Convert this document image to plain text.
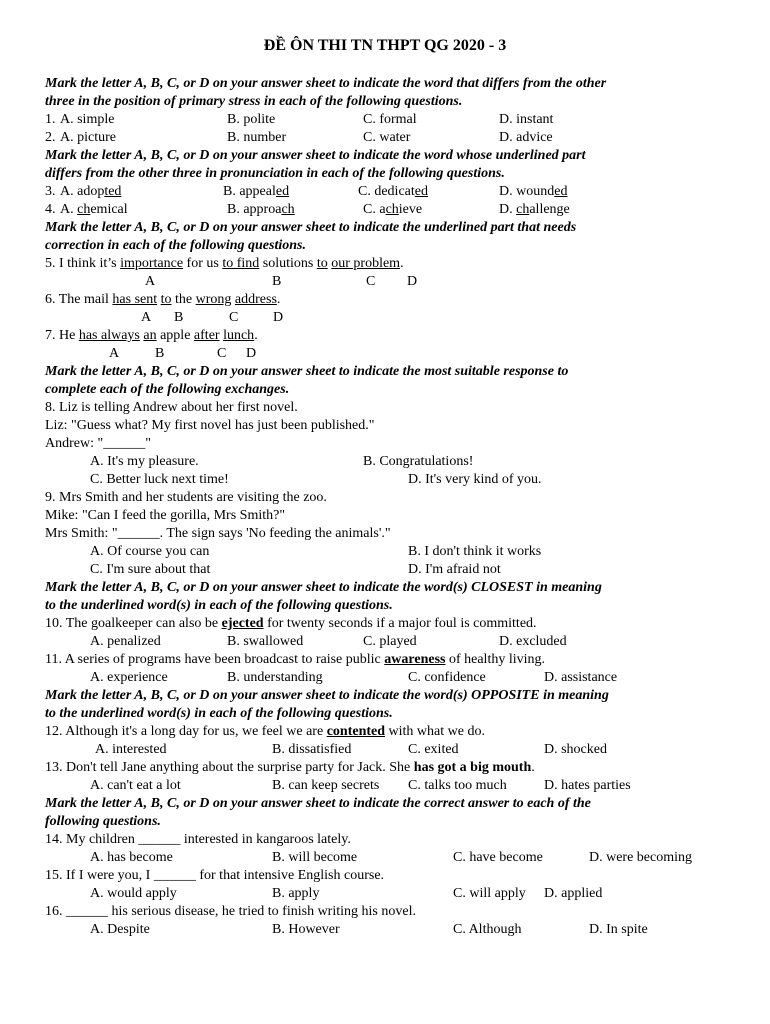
ĐỀ ÔN THI TN THPT QG 2020 - 3
Mark the letter A, B, C, or D on your answer sheet to indicate the word that differs from the other
three in the position of primary stress in each of the following questions.
1. A. simple	B. polite	C. formal	D. instant
2. A. picture	B. number	C. water	D. advice
Mark the letter A, B, C, or D on your answer sheet to indicate the word whose underlined part
differs from the other three in pronunciation in each of the following questions.
3. A. adopted	B. appealed	C. dedicated	D. wounded
4. A. chemical	B. approach	C. achieve	D. challenge
Mark the letter A, B, C, or D on your answer sheet to indicate the underlined part that needs
correction in each of the following questions.
5. I think it’s importance for us to find solutions to our problem.
A	B	C D
6. The mail has sent to the wrong address.
A B	C D
7. He has always an apple after lunch.
A	B	C D
Mark the letter A, B, C, or D on your answer sheet to indicate the most suitable response to
complete each of the following exchanges.
8. Liz is telling Andrew about her first novel.
Liz: "Guess what? My first novel has just been published."
Andrew: "______"
A. It's my pleasure.	B. Congratulations!
C. Better luck next time!	D. It's very kind of you.
9. Mrs Smith and her students are visiting the zoo.
Mike: "Can I feed the gorilla, Mrs Smith?"
Mrs Smith: "______. The sign says 'No feeding the animals'."
A. Of course you can	B. I don't think it works
C. I'm sure about that	D. I'm afraid not
Mark the letter A, B, C, or D on your answer sheet to indicate the word(s) CLOSEST in meaning
to the underlined word(s) in each of the following questions.
10. The goalkeeper can also be ejected for twenty seconds if a major foul is committed.
A. penalized	B. swallowed	C. played	D. excluded
11. A series of programs have been broadcast to raise public awareness of healthy living.
A. experience	B. understanding	C. confidence	D. assistance
Mark the letter A, B, C, or D on your answer sheet to indicate the word(s) OPPOSITE in meaning
to the underlined word(s) in each of the following questions.
12. Although it's a long day for us, we feel we are contented with what we do.
A. interested	B. dissatisfied	C. exited	D. shocked
13. Don't tell Jane anything about the surprise party for Jack. She has got a big mouth.
A. can't eat a lot	B. can keep secrets C. talks too much	D. hates parties
Mark the letter A, B, C, or D on your answer sheet to indicate the correct answer to each of the
following questions.
14. My children ______ interested in kangaroos lately.
A. has become	B. will become	C. have become	D. were becoming
15. If I were you, I ______ for that intensive English course.
A. would apply	B. apply	C. will apply D. applied
16. ______ his serious disease, he tried to finish writing his novel.
A. Despite	B. However	C. Although	D. In spite
